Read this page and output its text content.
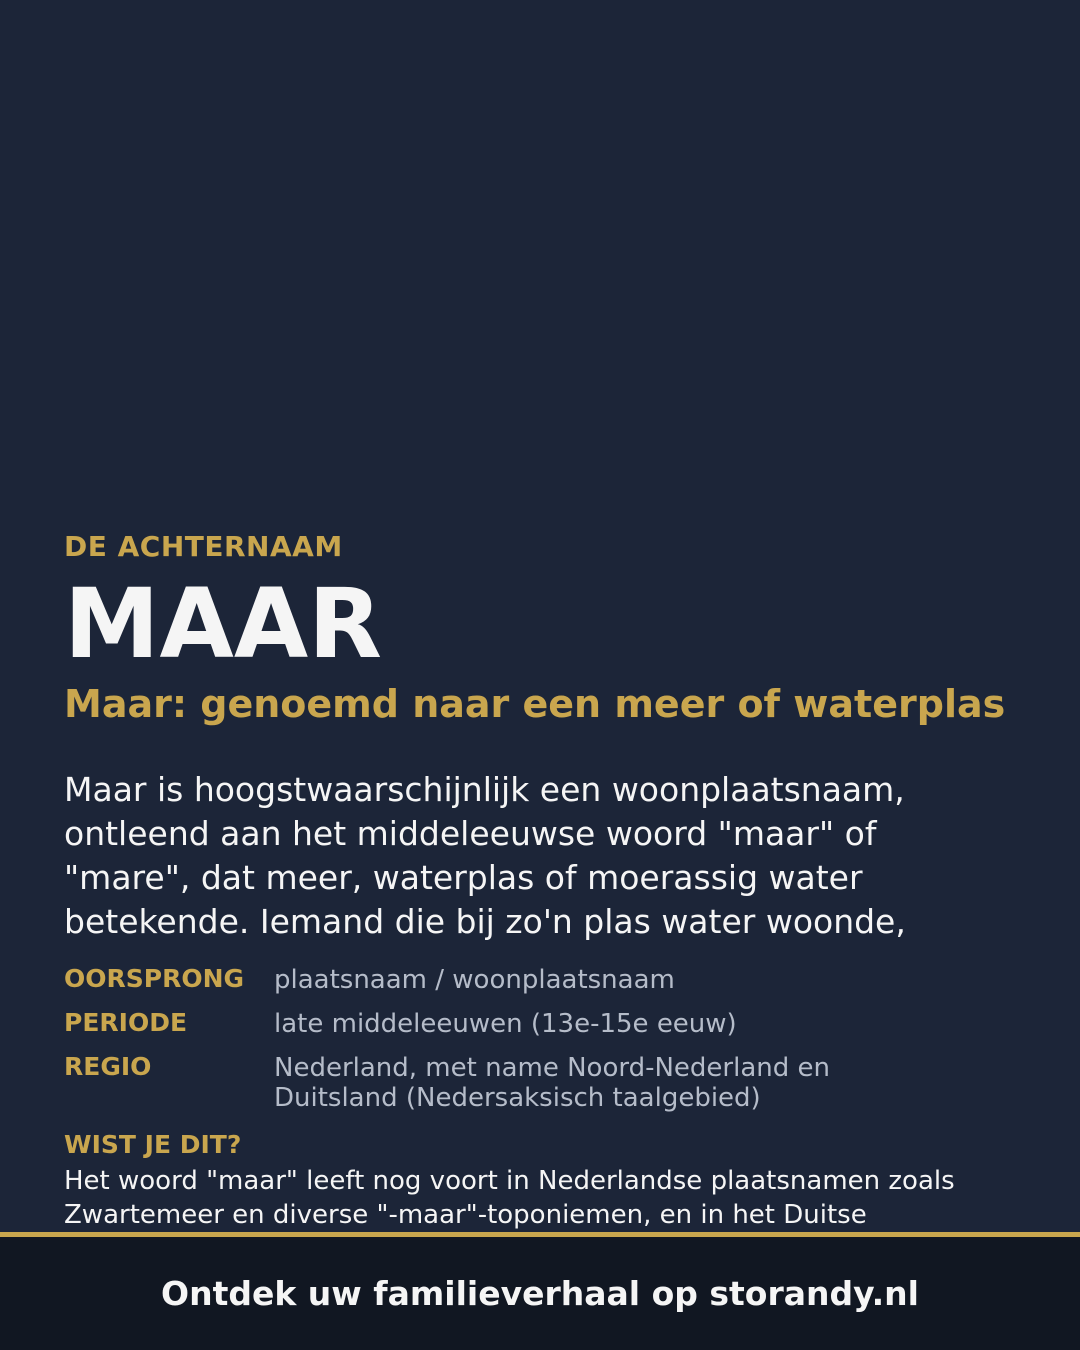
DE ACHTERNAAM
MAAR
Maar: genoemd naar een meer of waterplas
Maar is hoogstwaarschijnlijk een woonplaatsnaam, ontleend aan het middeleeuwse woord "maar" of "mare", dat meer, waterplas of moerassig water betekende. Iemand die bij zo'n plas water woonde,
OORSPRONG	plaatsnaam / woonplaatsnaam
PERIODE	late middeleeuwen (13e-15e eeuw)
REGIO	Nederland, met name Noord-Nederland en Duitsland (Nedersaksisch taalgebied)
WIST JE DIT?
Het woord "maar" leeft nog voort in Nederlandse plaatsnamen zoals Zwartemeer en diverse "-maar"-toponiemen, en in het Duitse
Ontdek uw familieverhaal op storandy.nl
